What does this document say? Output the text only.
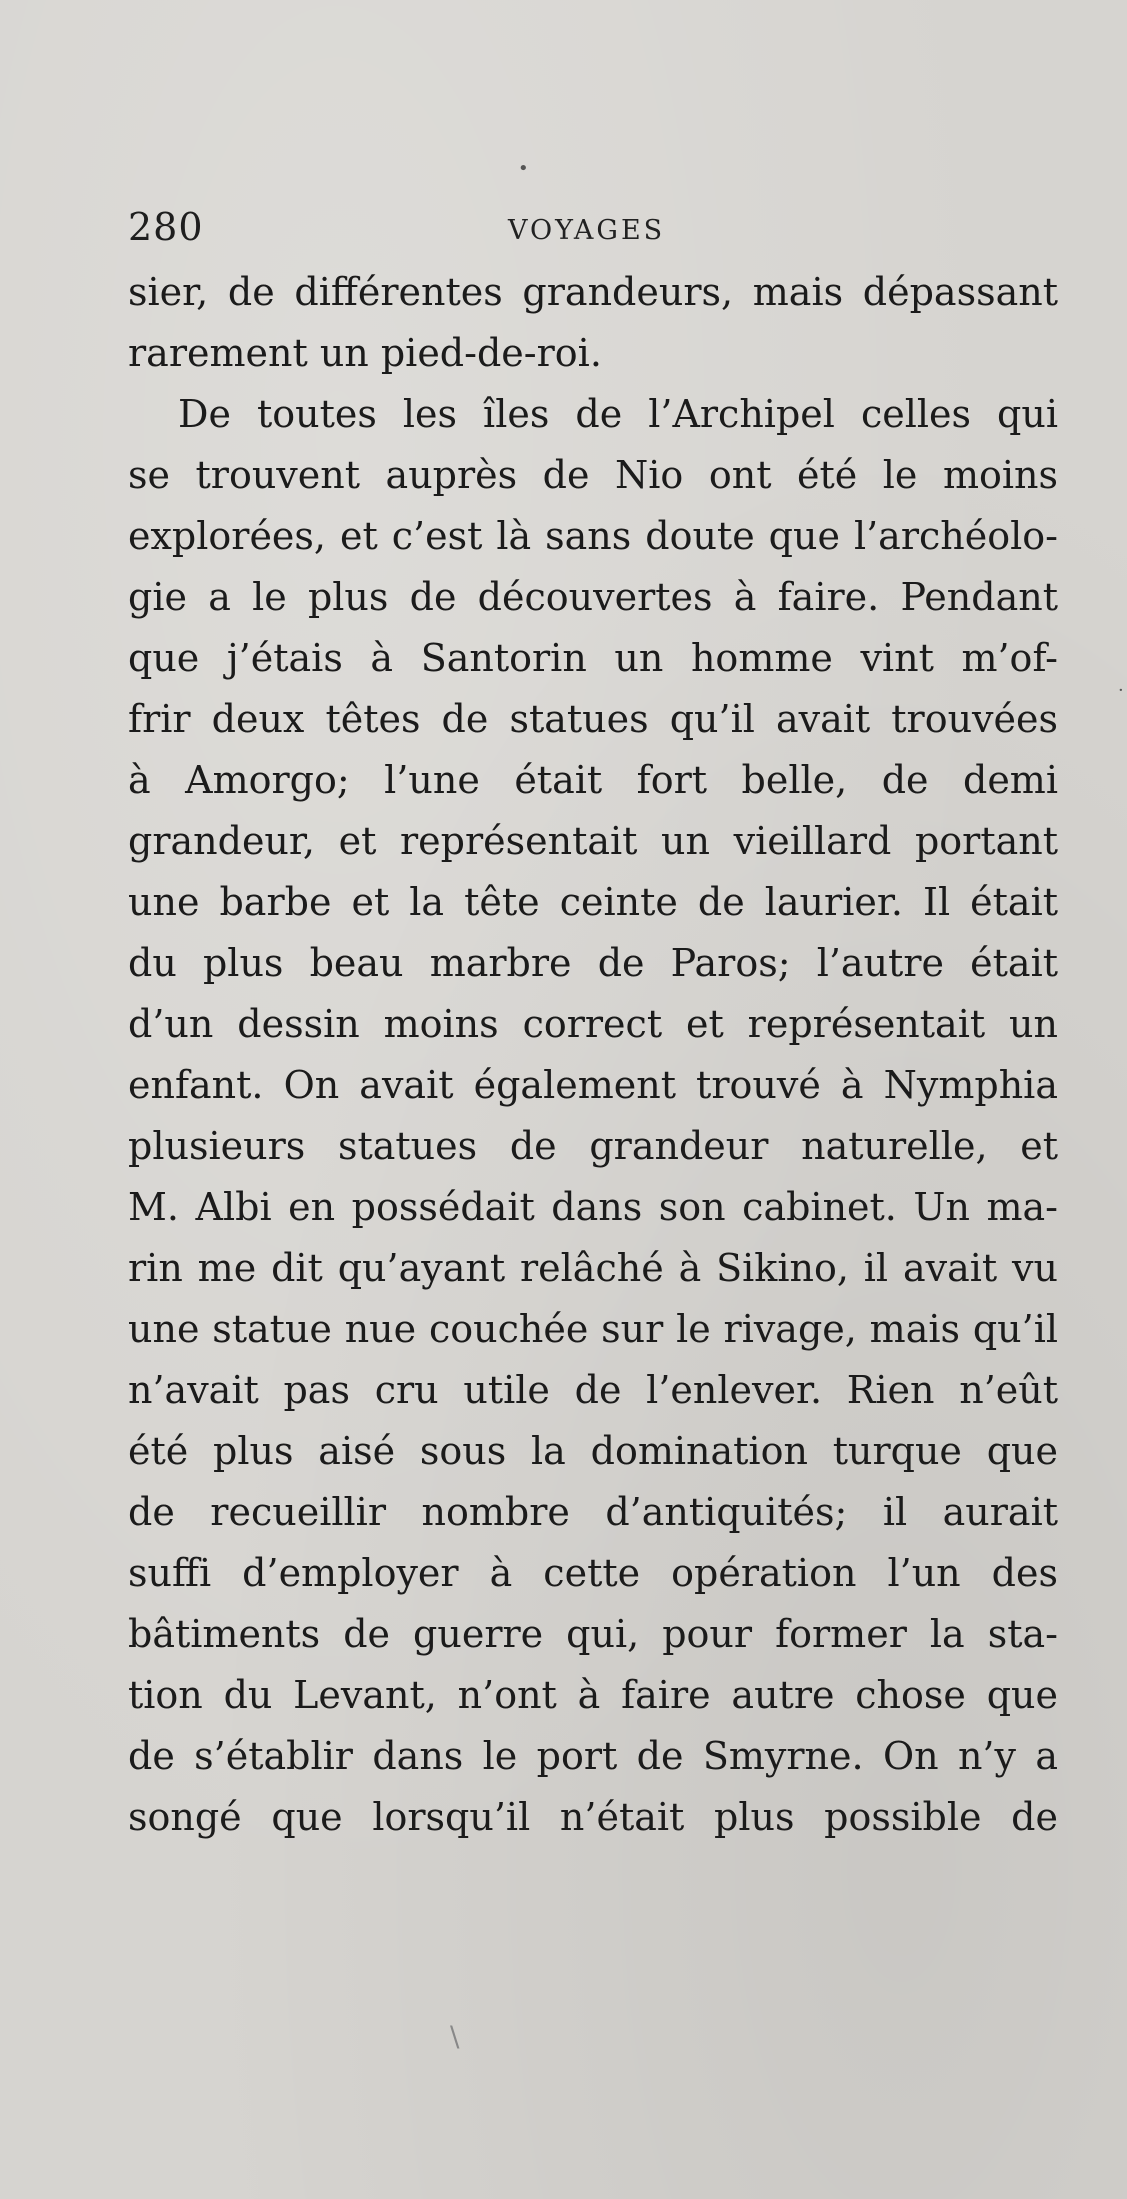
280	VOYAGES
sier, de différentes grandeurs, mais dépassant
rarement un pied-de-roi.
De toutes les îles de l’Archipel celles qui
se trouvent auprès de Nio ont été le moins
explorées, et c’est là sans doute que l’archéolo-
gie a le plus de découvertes à faire. Pendant
que j’étais à Santorin un homme vint m’of-
frir deux têtes de statues qu’il avait trouvées
à Amorgo; l’une était fort belle, de demi
grandeur, et représentait un vieillard portant
une barbe et la tête ceinte de laurier. Il était
du plus beau marbre de Paros; l’autre était
d’un dessin moins correct et représentait un
enfant. On avait également trouvé à Nymphia
plusieurs statues de grandeur naturelle, et
M. Albi en possédait dans son cabinet. Un ma-
rin me dit qu’ayant relâché à Sikino, il avait vu
une statue nue couchée sur le rivage, mais qu’il
n’avait pas cru utile de l’enlever. Rien n’eût
été plus aisé sous la domination turque que
de recueillir nombre d’antiquités; il aurait
suffi d’employer à cette opération l’un des
bâtiments de guerre qui, pour former la sta-
tion du Levant, n’ont à faire autre chose que
de s’établir dans le port de Smyrne. On n’y a
songé que lorsqu’il n’était plus possible de
•
·
\
